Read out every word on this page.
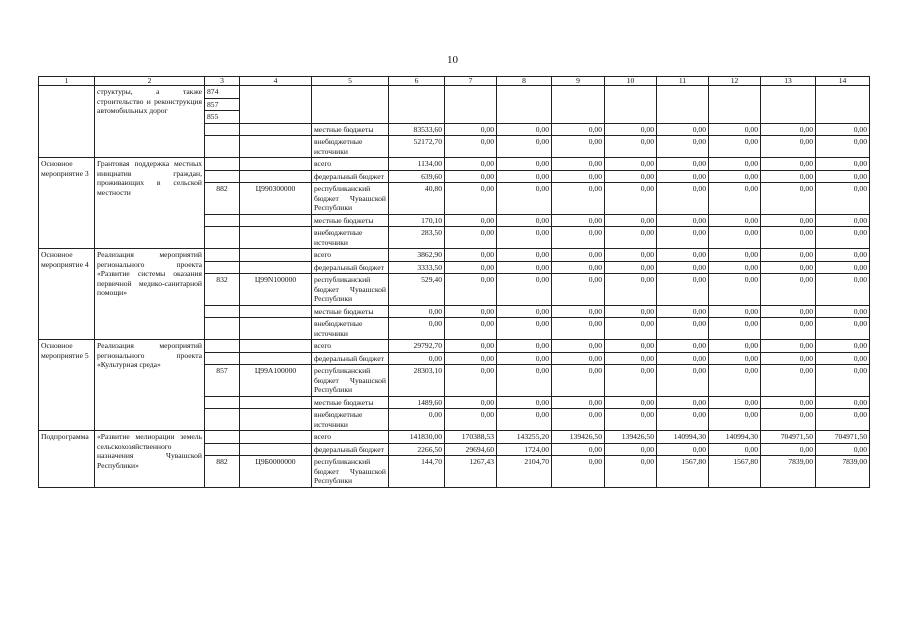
10
1	2	3	4	5	6	7	8	9	10	11	12	13	14
	структуры, а также строительство и реконструкция автомобильных дорог	874											
		857											
		855											
				местные бюджеты	83533,60	0,00	0,00	0,00	0,00	0,00	0,00	0,00	0,00
				внебюджетные источники	52172,70	0,00	0,00	0,00	0,00	0,00	0,00	0,00	0,00
Основное мероприятие 3	Грантовая поддержка местных инициатив граждан, проживающих в сельской местности			всего	1134,00	0,00	0,00	0,00	0,00	0,00	0,00	0,00	0,00
				федеральный бюджет	639,60	0,00	0,00	0,00	0,00	0,00	0,00	0,00	0,00
		882	Ц990300000	республиканский бюджет Чувашской Республики	40,80	0,00	0,00	0,00	0,00	0,00	0,00	0,00	0,00
				местные бюджеты	170,10	0,00	0,00	0,00	0,00	0,00	0,00	0,00	0,00
				внебюджетные источники	283,50	0,00	0,00	0,00	0,00	0,00	0,00	0,00	0,00
Основное мероприятие 4	Реализация мероприятий регионального проекта «Развитие системы оказания первичной медико-санитарной помощи»			всего	3862,90	0,00	0,00	0,00	0,00	0,00	0,00	0,00	0,00
				федеральный бюджет	3333,50	0,00	0,00	0,00	0,00	0,00	0,00	0,00	0,00
		832	Ц99N100000	республиканский бюджет Чувашской Республики	529,40	0,00	0,00	0,00	0,00	0,00	0,00	0,00	0,00
				местные бюджеты	0,00	0,00	0,00	0,00	0,00	0,00	0,00	0,00	0,00
				внебюджетные источники	0,00	0,00	0,00	0,00	0,00	0,00	0,00	0,00	0,00
Основное мероприятие 5	Реализация мероприятий регионального проекта «Культурная среда»			всего	29792,70	0,00	0,00	0,00	0,00	0,00	0,00	0,00	0,00
				федеральный бюджет	0,00	0,00	0,00	0,00	0,00	0,00	0,00	0,00	0,00
		857	Ц99А100000	республиканский бюджет Чувашской Республики	28303,10	0,00	0,00	0,00	0,00	0,00	0,00	0,00	0,00
				местные бюджеты	1489,60	0,00	0,00	0,00	0,00	0,00	0,00	0,00	0,00
				внебюджетные источники	0,00	0,00	0,00	0,00	0,00	0,00	0,00	0,00	0,00
Подпрограмма	«Развитие мелиорации земель сельскохозяйственного назначения Чувашской Республики»			всего	141830,00	170388,53	143255,20	139426,50	139426,50	140994,30	140994,30	704971,50	704971,50
				федеральный бюджет	2266,50	29694,60	1724,00	0,00	0,00	0,00	0,00	0,00	0,00
		882	Ц9Б0000000	республиканский бюджет Чувашской Республики	144,70	1267,43	2104,70	0,00	0,00	1567,80	1567,80	7839,00	7839,00
